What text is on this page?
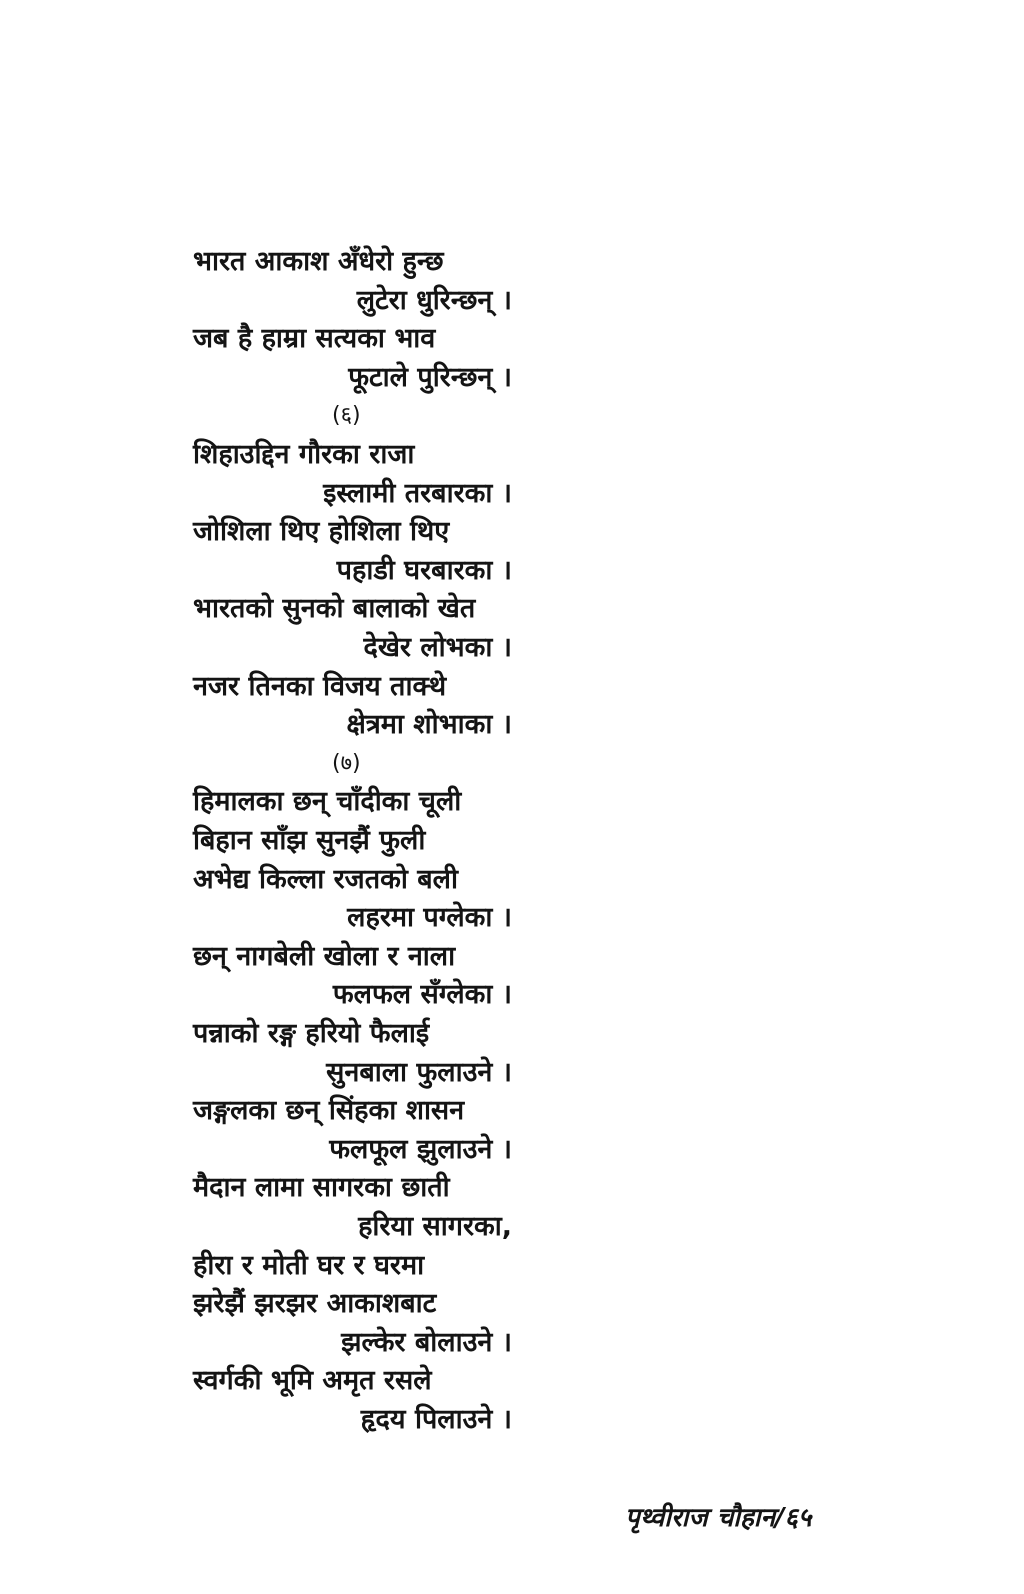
भारत आकाश अँधेरो हुन्छ
लुटेरा धुरिन्छन् ।
जब है हाम्रा सत्यका भाव
फूटाले पुरिन्छन् ।
(६)
शिहाउद्दिन गौरका राजा
इस्लामी तरबारका ।
जोशिला थिए होशिला थिए
पहाडी घरबारका ।
भारतको सुनको बालाको खेत
देखेर लोभका ।
नजर तिनका विजय ताक्थे
क्षेत्रमा शोभाका ।
(७)
हिमालका छन् चाँदीका चूली
बिहान साँझ सुनझैं फुली
अभेद्य किल्ला रजतको बली
लहरमा पग्लेका ।
छन् नागबेली खोला र नाला
फलफल सँग्लेका ।
पन्नाको रङ्ग हरियो फैलाई
सुनबाला फुलाउने ।
जङ्गलका छन् सिंहका शासन
फलफूल झुलाउने ।
मैदान लामा सागरका छाती
हरिया सागरका,
हीरा र मोती घर र घरमा
झरेझैं झरझर आकाशबाट
झल्केर बोलाउने ।
स्वर्गकी भूमि अमृत रसले
हृदय पिलाउने ।
पृथ्वीराज चौहान/६५
